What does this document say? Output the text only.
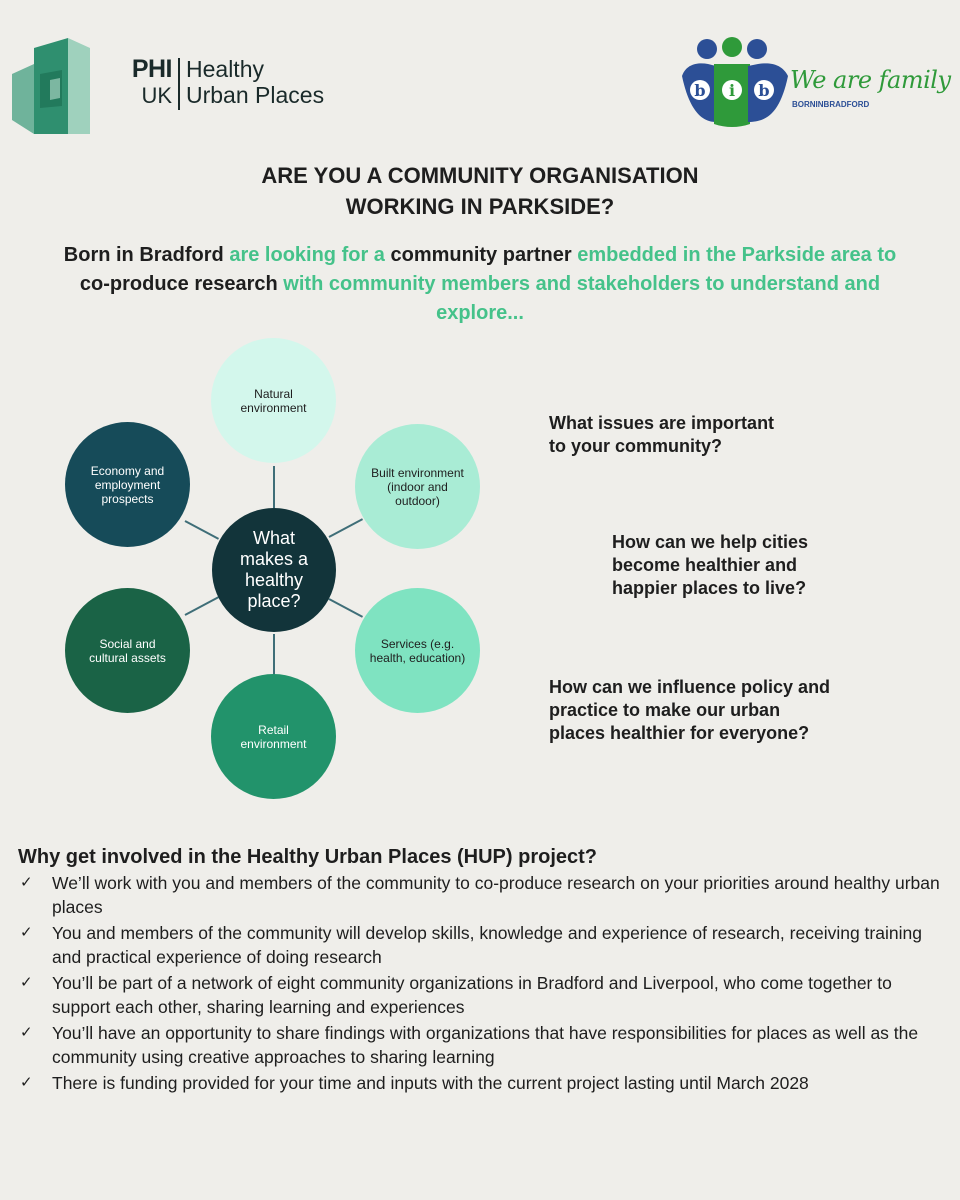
PHI
UK
Healthy
Urban Places	b i b We are family
BORNINBRADFORD
ARE YOU A COMMUNITY ORGANISATION
WORKING IN PARKSIDE?
Born in Bradford are looking for a community partner embedded in the Parkside area to co-produce research with community members and stakeholders to understand and explore...
Natural environment
Built environment (indoor and outdoor)
Services (e.g. health, education)
Retail environment
Social and cultural assets
Economy and employment prospects
What makes a healthy place?
What issues are important
to your community?
How can we help cities
become healthier and
happier places to live?
How can we influence policy and
practice to make our urban
places healthier for everyone?
Why get involved in the Healthy Urban Places (HUP) project?
✓ We’ll work with you and members of the community to co-produce research on your priorities around healthy urban places
✓ You and members of the community will develop skills, knowledge and experience of research, receiving training and practical experience of doing research
✓ You’ll be part of a network of eight community organizations in Bradford and Liverpool, who come together to support each other, sharing learning and experiences
✓ You’ll have an opportunity to share findings with organizations that have responsibilities for places as well as the community using creative approaches to sharing learning
✓ There is funding provided for your time and inputs with the current project lasting until March 2028
